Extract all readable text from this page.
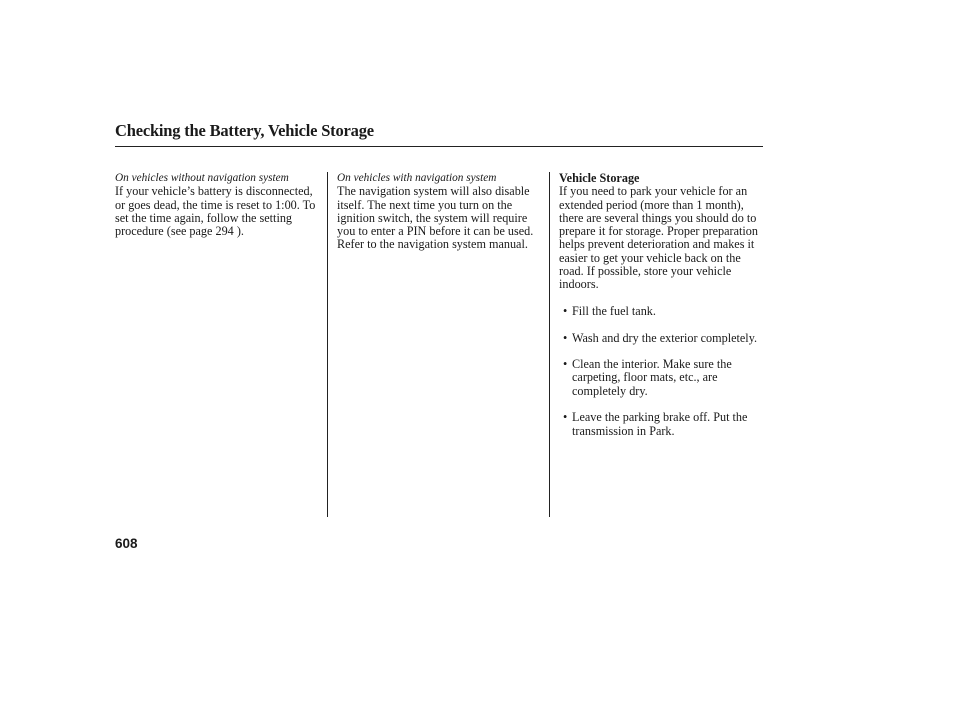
Checking the Battery, Vehicle Storage

On vehicles without navigation system

If your vehicle’s battery is disconnected, or goes dead, the time is reset to 1:00. To set the time again, follow the setting procedure (see page 294 ).

On vehicles with navigation system

The navigation system will also disable itself. The next time you turn on the ignition switch, the system will require you to enter a PIN before it can be used. Refer to the navigation system manual.

Vehicle Storage

If you need to park your vehicle for an extended period (more than 1 month), there are several things you should do to prepare it for storage. Proper preparation helps prevent deterioration and makes it easier to get your vehicle back on the road. If possible, store your vehicle indoors.

• Fill the fuel tank.
• Wash and dry the exterior completely.
• Clean the interior. Make sure the carpeting, floor mats, etc., are completely dry.
• Leave the parking brake off. Put the transmission in Park.
608
